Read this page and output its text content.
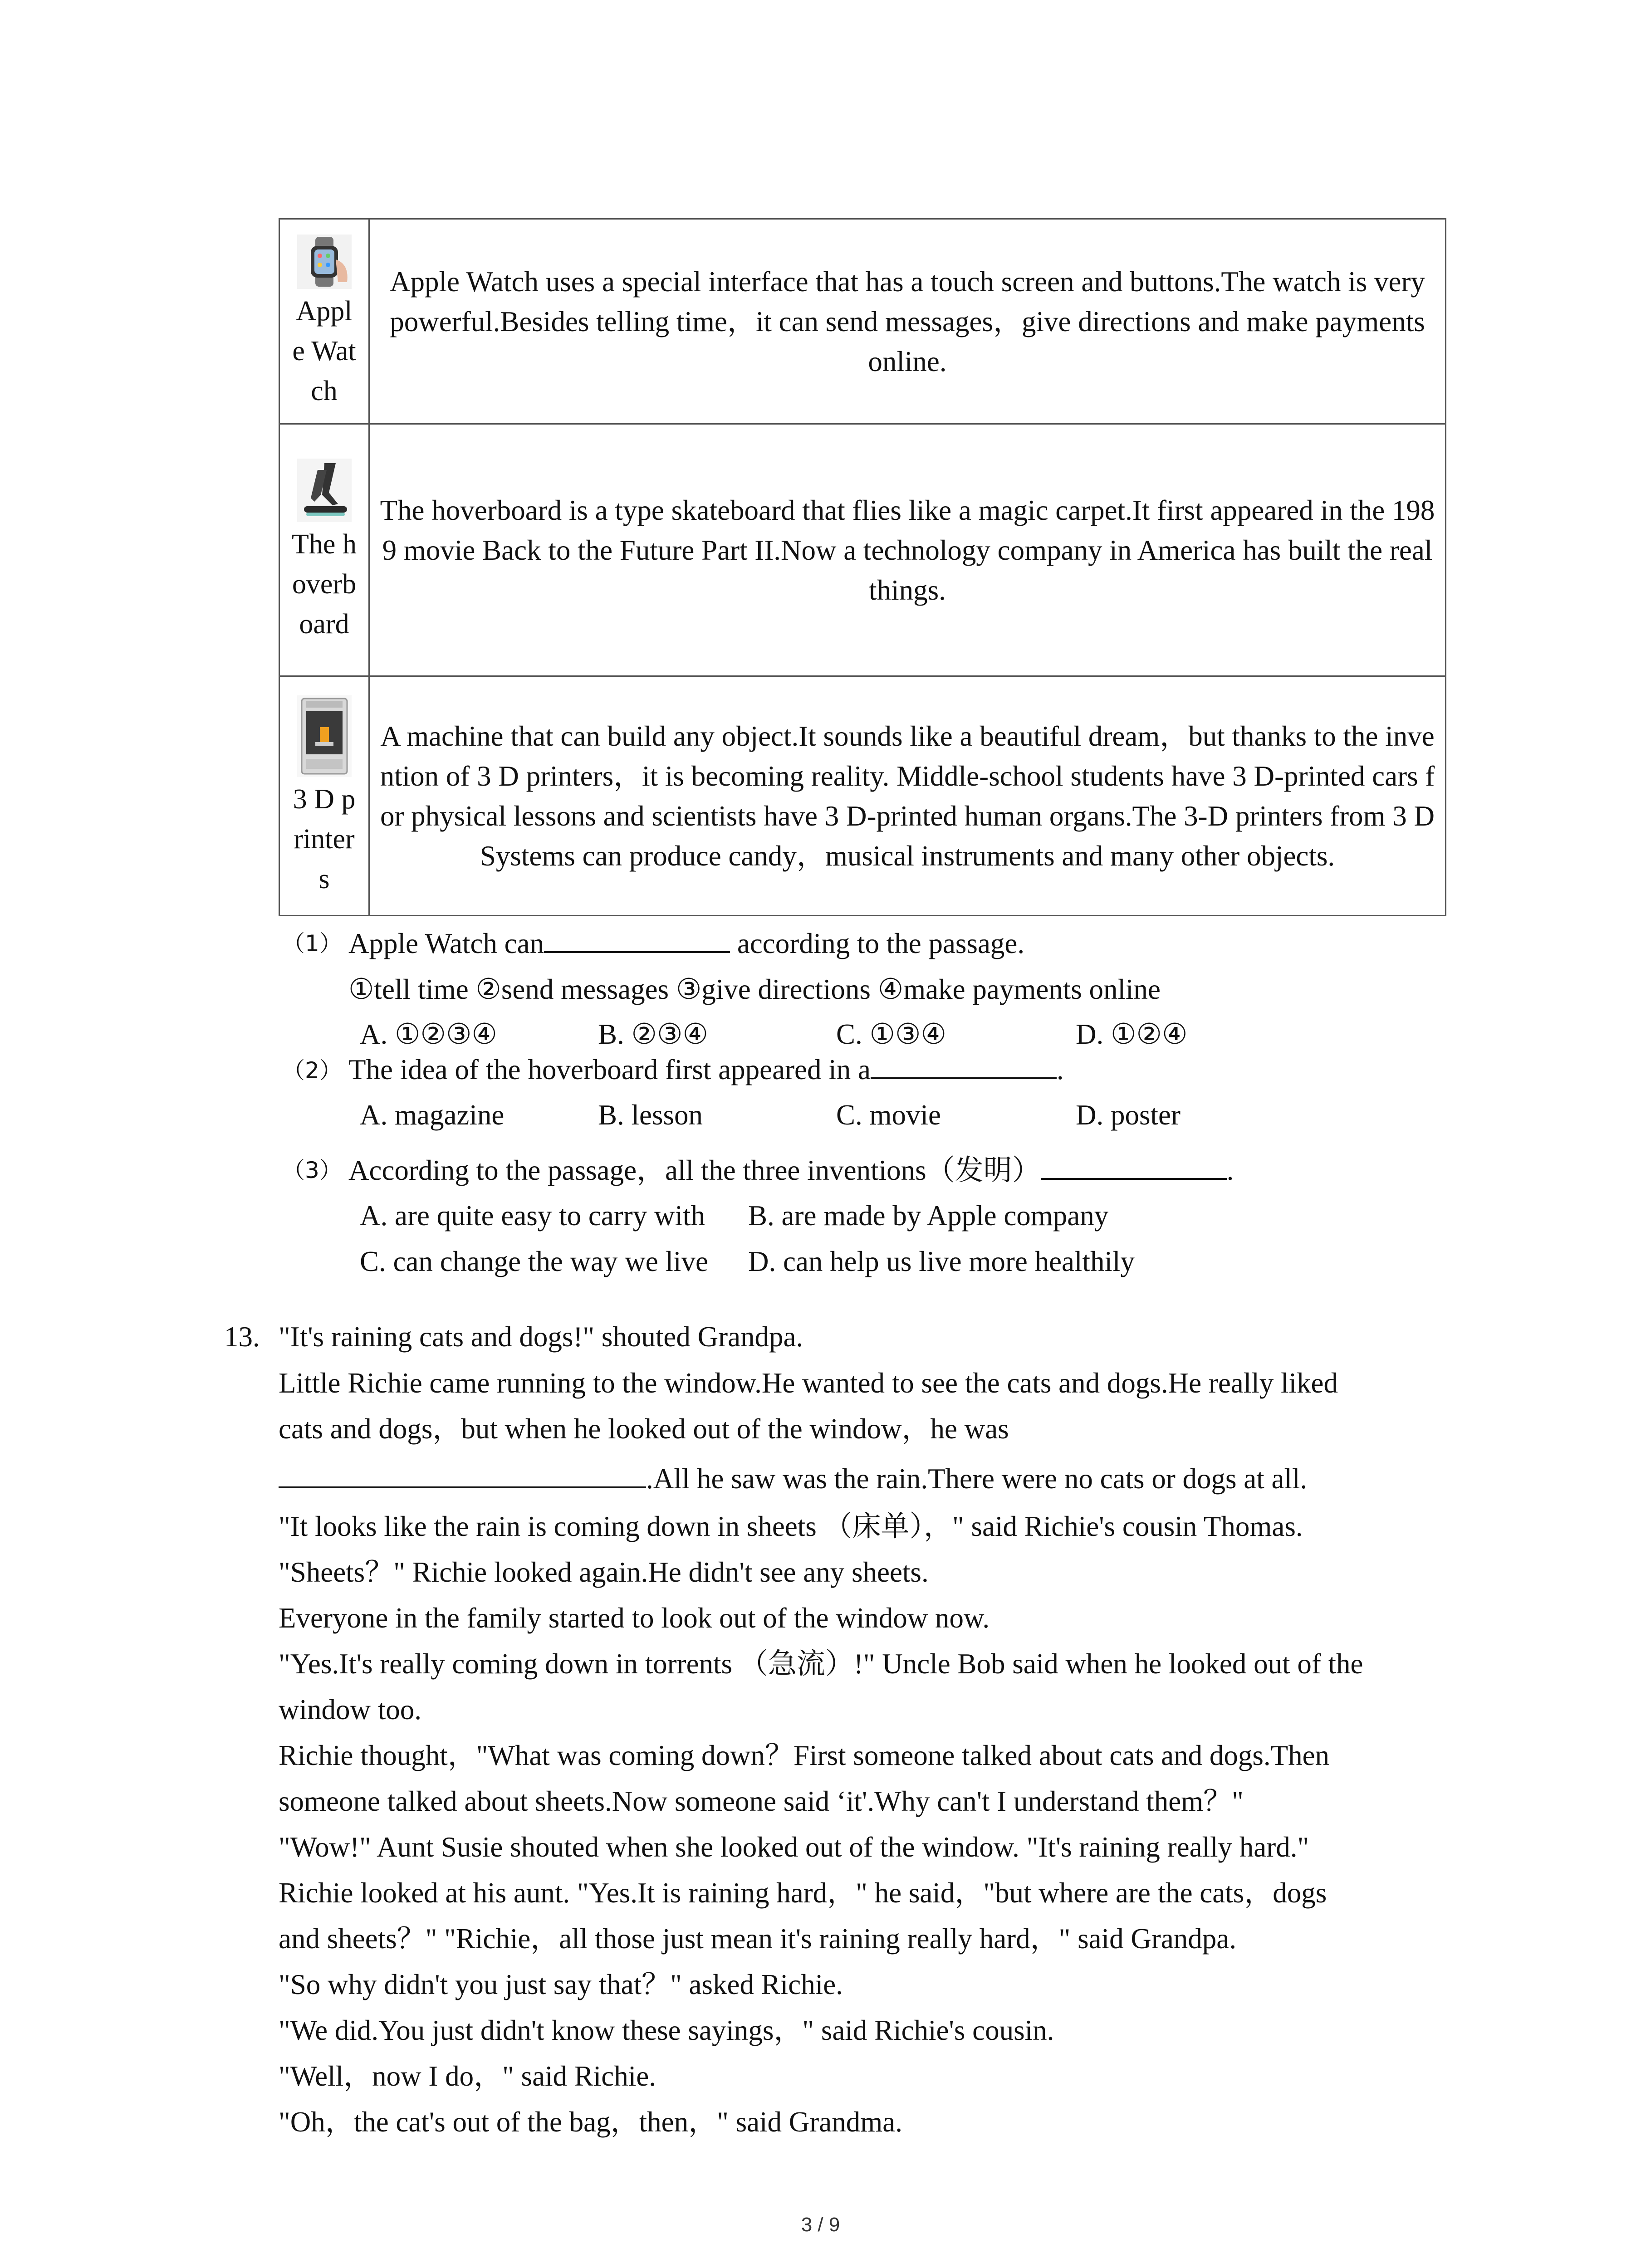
Apple Watch	Apple Watch uses a special interface that has a touch screen and buttons.The watch is very powerful.Besides telling time，it can send messages，give directions and make payments online.

The hoverboard	The hoverboard is a type skateboard that flies like a magic carpet.It first appeared in the 1989 movie Back to the Future Part II.Now a technology company in America has built the real things.

3 D printers	A machine that can build any object.It sounds like a beautiful dream，but thanks to the invention of 3 D printers，it is becoming reality. Middle-school students have 3 D-printed cars for physical lessons and scientists have 3 D-printed human organs.The 3-D printers from 3 D Systems can produce candy，musical instruments and many other objects.
（1） Apple Watch can	according to the passage.
①tell time ②send messages ③give directions ④make payments online
A. ①②③④	B. ②③④	C. ①③④	D. ①②④
（2） The idea of the hoverboard first appeared in a	.
A. magazine	B. lesson	C. movie	D. poster
（3） According to the passage，all the three inventions（发明）	.
A. are quite easy to carry with B. are made by Apple company
C. can change the way we live D. can help us live more healthily
13. "It's raining cats and dogs!" shouted Grandpa.
Little Richie came running to the window.He wanted to see the cats and dogs.He really liked
cats and dogs，but when he looked out of the window，he was
.All he saw was the rain.There were no cats or dogs at all.
"It looks like the rain is coming down in sheets （床单），" said Richie's cousin Thomas.
"Sheets？" Richie looked again.He didn't see any sheets.
Everyone in the family started to look out of the window now.
"Yes.It's really coming down in torrents （急流）!" Uncle Bob said when he looked out of the
window too.
Richie thought，"What was coming down？First someone talked about cats and dogs.Then
someone talked about sheets.Now someone said ‘it'.Why can't I understand them？"
"Wow!" Aunt Susie shouted when she looked out of the window. "It's raining really hard."
Richie looked at his aunt. "Yes.It is raining hard，" he said，"but where are the cats，dogs
and sheets？" "Richie，all those just mean it's raining really hard，" said Grandpa.
"So why didn't you just say that？" asked Richie.
"We did.You just didn't know these sayings，" said Richie's cousin.
"Well，now I do，" said Richie.
"Oh，the cat's out of the bag，then，" said Grandma.
3 / 9
